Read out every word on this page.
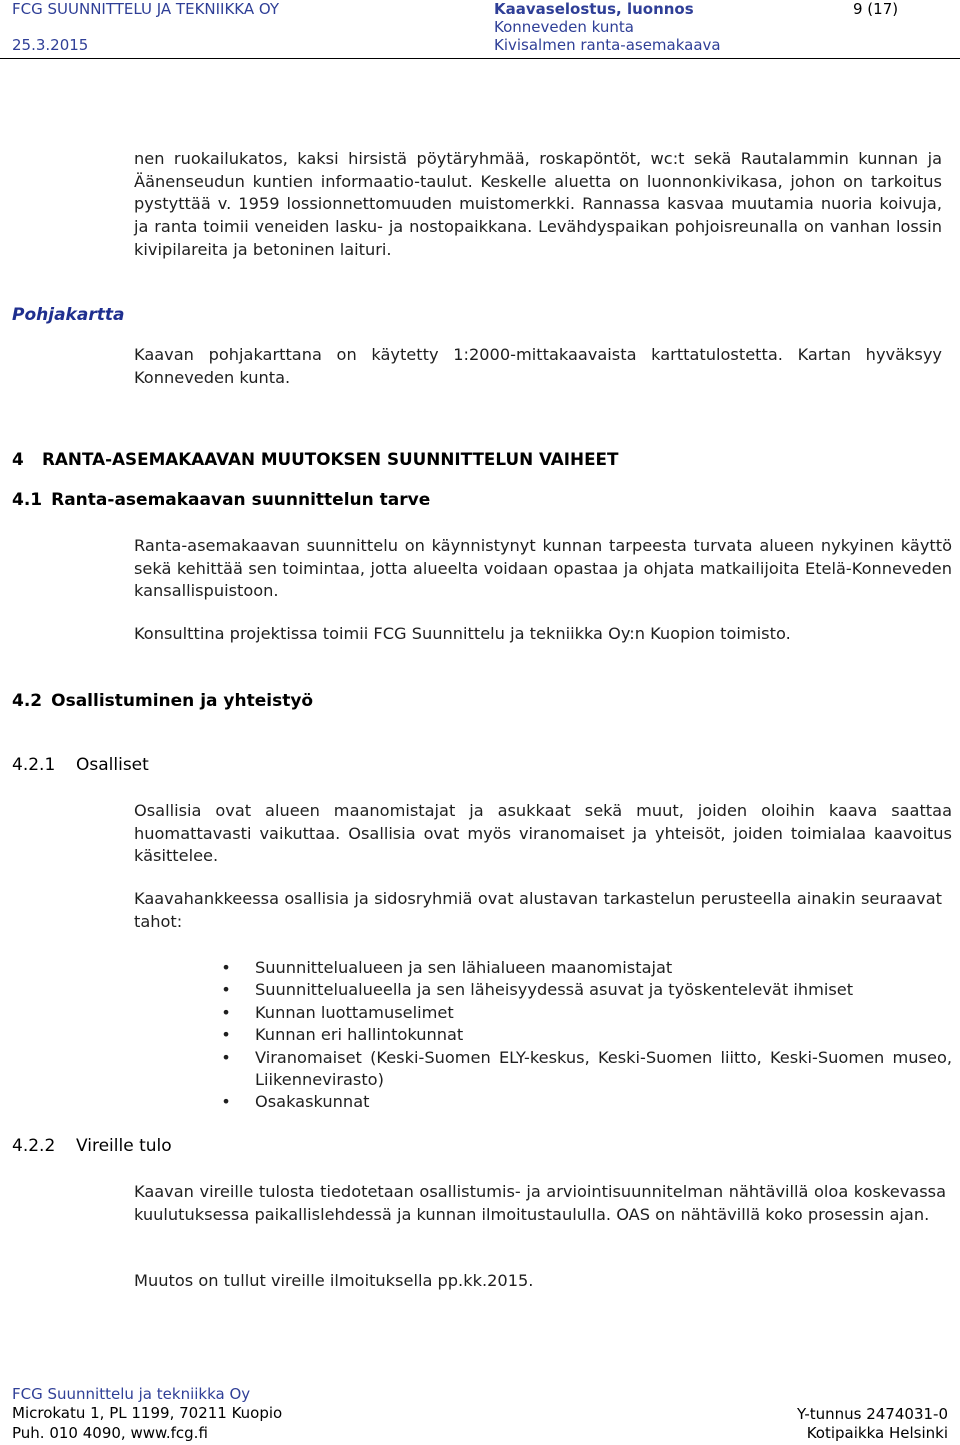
FCG SUUNNITTELU JA TEKNIIKKA OY
25.3.2015
Kaavaselostus, luonnos
Konneveden kunta
Kivisalmen ranta-asemakaava
9 (17)

nen ruokailukatos, kaksi hirsistä pöytäryhmää, roskapöntöt, wc:t sekä Rautalammin kunnan ja Äänenseudun kuntien informaatio-taulut. Keskelle aluetta on luonnonkivikasa, johon on tarkoitus pystyttää v. 1959 lossionnettomuuden muistomerkki. Rannassa kasvaa muutamia nuoria koivuja, ja ranta toimii veneiden lasku- ja nostopaikkana. Levähdyspaikan pohjoisreunalla on vanhan lossin kivipilareita ja betoninen laituri.

Pohjakartta

Kaavan pohjakarttana on käytetty 1:2000-mittakaavaista karttatulostetta. Kartan hyväksyy Konneveden kunta.

4 RANTA-ASEMAKAAVAN MUUTOKSEN SUUNNITTELUN VAIHEET
4.1 Ranta-asemakaavan suunnittelun tarve

Ranta-asemakaavan suunnittelu on käynnistynyt kunnan tarpeesta turvata alueen nykyinen käyttö sekä kehittää sen toimintaa, jotta alueelta voidaan opastaa ja ohjata matkailijoita Etelä-Konneveden kansallispuistoon.

Konsulttina projektissa toimii FCG Suunnittelu ja tekniikka Oy:n Kuopion toimisto.

4.2 Osallistuminen ja yhteistyö
4.2.1 Osalliset

Osallisia ovat alueen maanomistajat ja asukkaat sekä muut, joiden oloihin kaava saattaa huomattavasti vaikuttaa. Osallisia ovat myös viranomaiset ja yhteisöt, joiden toimialaa kaavoitus käsittelee.

Kaavahankkeessa osallisia ja sidosryhmiä ovat alustavan tarkastelun perusteella ainakin seuraavat tahot:

• Suunnittelualueen ja sen lähialueen maanomistajat
• Suunnittelualueella ja sen läheisyydessä asuvat ja työskentelevät ihmiset
• Kunnan luottamuselimet
• Kunnan eri hallintokunnat
• Viranomaiset (Keski-Suomen ELY-keskus, Keski-Suomen liitto, Keski-Suomen museo, Liikennevirasto)
• Osakaskunnat
4.2.2 Vireille tulo

Kaavan vireille tulosta tiedotetaan osallistumis- ja arviointisuunnitelman nähtävillä oloa koskevassa kuulutuksessa paikallislehdessä ja kunnan ilmoitustaululla. OAS on nähtävillä koko prosessin ajan.

Muutos on tullut vireille ilmoituksella pp.kk.2015.

FCG Suunnittelu ja tekniikka Oy
Microkatu 1, PL 1199, 70211 Kuopio
Puh. 010 4090, www.fcg.fi
Y-tunnus 2474031-0
Kotipaikka Helsinki
